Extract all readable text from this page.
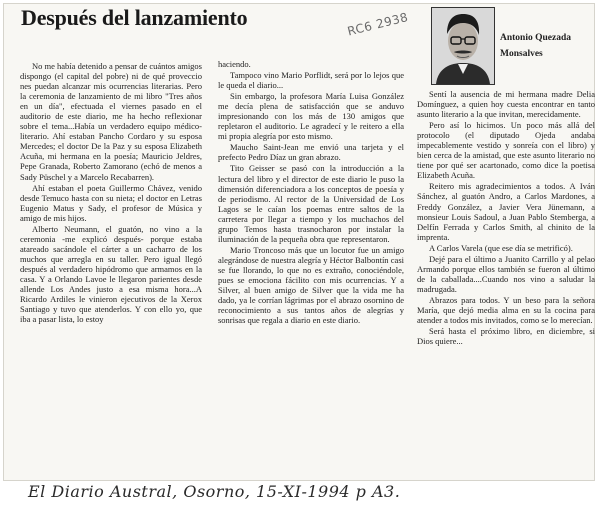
Después del lanzamiento	RC6 2938	Antonio Quezada Monsalves

No me había detenido a pensar de cuántos amigos dispongo (el capital del pobre) ni de qué proveccio nes puedan alcanzar mis ocurrencias literarias. Pero la ceremonia de lanzamiento de mi libro "Tres años en un día", efectuada el viernes pasado en el auditorio de este diario, me ha hecho reflexionar sobre el tema...Había un verdadero equipo médico-literario. Ahí estaban Pancho Cordaro y su esposa Mercedes; el doctor De la Paz y su esposa Elizabeth Acuña, mi hermana en la poesía; Mauricio Jeldres, Pepe Granada, Roberto Zamorano (echó de menos a Sady Püschel y a Marcelo Recabarren).

Ahí estaban el poeta Guillermo Chávez, venido desde Temuco hasta con su nieta; el doctor en Letras Eugenio Matus y Sady, el profesor de Música y amigo de mis hijos.

Alberto Neumann, el guatón, no vino a la ceremonia -me explicó después- porque estaba atareado sacándole el cárter a un cacharro de los muchos que arregla en su taller. Pero igual llegó después al verdadero hipódromo que armamos en la casa. Y a Orlando Lavoe le llegaron parientes desde allende Los Andes justo a esa misma hora...A Ricardo Ardiles le vinieron ejecutivos de la Xerox Santiago y tuvo que atenderlos. Y con ello yo, que iba a pasar lista, lo estoy

haciendo.

Tampoco vino Mario Porflidt, será por lo lejos que le queda el diario...

Sin embargo, la profesora María Luisa González me decía plena de satisfacción que se anduvo impresionando con los más de 130 amigos que repletaron el auditorio. Le agradecí y le reitero a ella mi propia alegría por esto mismo.

Maucho Saint-Jean me envió una tarjeta y el prefecto Pedro Díaz un gran abrazo.

Tito Geisser se pasó con la introducción a la lectura del libro y el director de este diario le puso la dimensión diferenciadora a los conceptos de poesía y de periodismo. Al rector de la Universidad de Los Lagos se le caían los poemas entre saltos de la carretera por llegar a tiempo y los muchachos del grupo Temos hasta trasnocharon por instalar la iluminación de la pequeña obra que representaron.

Mario Troncoso más que un locutor fue un amigo alegrándose de nuestra alegría y Héctor Balbontín casi se fue llorando, lo que no es extraño, conociéndole, pues se emociona fácilito con mis ocurrencias. Y a Silver, al buen amigo de Silver que la vida me ha dado, ya le corrían lágrimas por el abrazo osornino de reconocimiento a sus tantos años de alegrías y sonrisas que regala a diario en este diario.

Sentí la ausencia de mi hermana madre Delia Domínguez, a quien hoy cuesta encontrar en tanto asunto literario a la que invitan, merecidamente.

Pero así lo hicimos. Un poco más allá del protocolo (el diputado Ojeda andaba impecablemente vestido y sonreía con el libro) y bien cerca de la amistad, que este asunto literario no tiene por qué ser acartonado, como dice la poetisa Elizabeth Acuña.

Reitero mis agradecimientos a todos. A Iván Sánchez, al guatón Andro, a Carlos Mardones, a Freddy González, a Javier Vera Jünemann, a monsieur Louis Sadoul, a Juan Pablo Stemberga, a Delfín Ferrada y Carlos Smith, al chinito de la imprenta.

A Carlos Varela (que ese día se metrificó).

Dejé para el último a Juanito Carrillo y al pelao Armando porque ellos también se fueron al último de la caballada....Cuando nos vino a saludar la madrugada.

Abrazos para todos. Y un beso para la señora María, que dejó media alma en su la cocina para atender a todos mis invitados, como se lo merecían.

Será hasta el próximo libro, en diciembre, si Dios quiere...

El Diario Austral, Osorno, 15-XI-1994 p A3.
